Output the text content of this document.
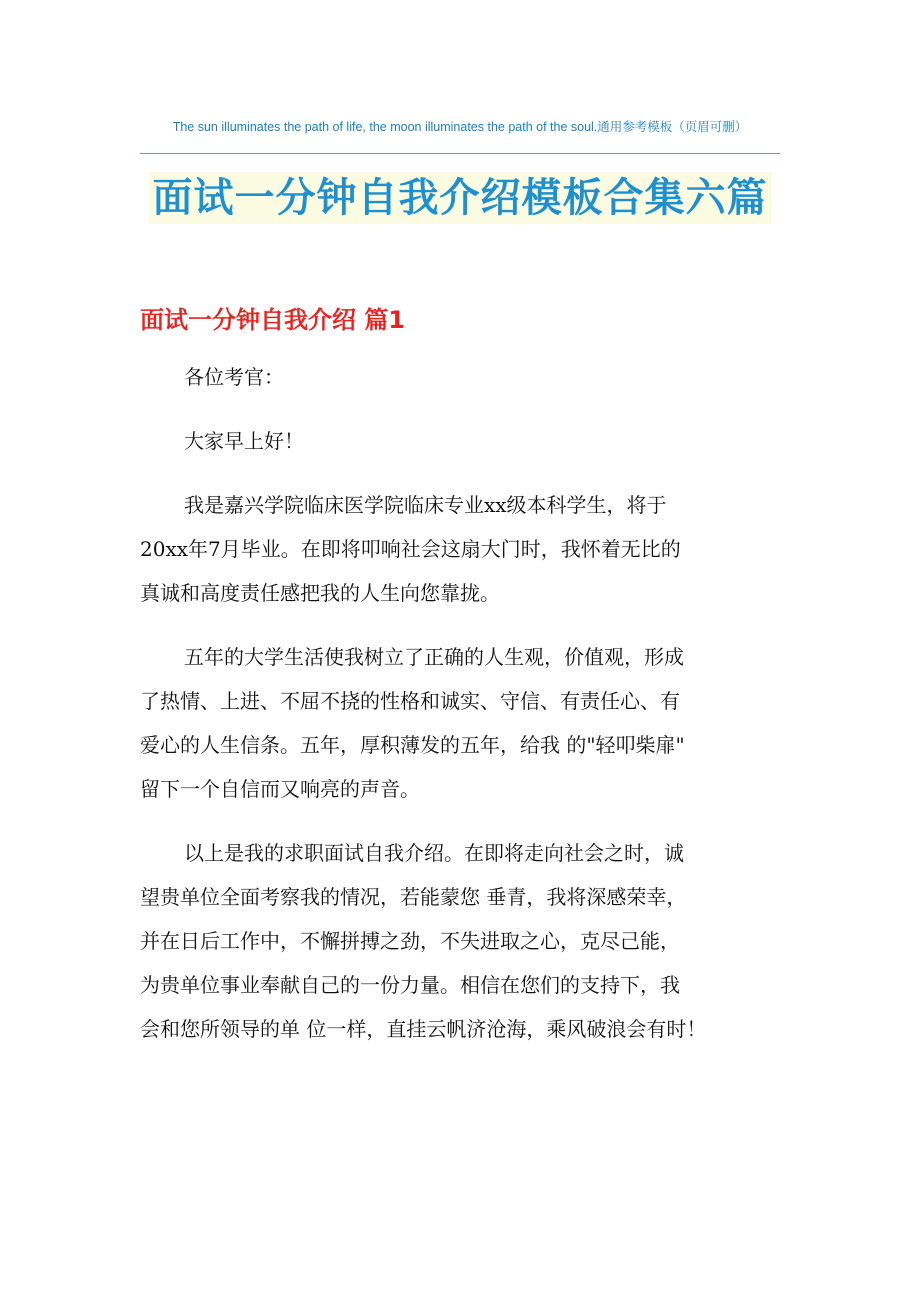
The sun illuminates the path of life, the moon illuminates the path of the soul.通用参考模板（页眉可删）
面试一分钟自我介绍模板合集六篇
面试一分钟自我介绍 篇1

各位考官：

大家早上好！

我是嘉兴学院临床医学院临床专业xx级本科学生，将于
20xx年7月毕业。在即将叩响社会这扇大门时，我怀着无比的
真诚和高度责任感把我的人生向您靠拢。

五年的大学生活使我树立了正确的人生观，价值观，形成
了热情、上进、不屈不挠的性格和诚实、守信、有责任心、有
爱心的人生信条。五年，厚积薄发的五年，给我 的"轻叩柴扉"
留下一个自信而又响亮的声音。

以上是我的求职面试自我介绍。在即将走向社会之时，诚
望贵单位全面考察我的情况，若能蒙您 垂青，我将深感荣幸，
并在日后工作中，不懈拼搏之劲，不失进取之心，克尽己能，
为贵单位事业奉献自己的一份力量。相信在您们的支持下，我
会和您所领导的单 位一样，直挂云帆济沧海，乘风破浪会有时！
